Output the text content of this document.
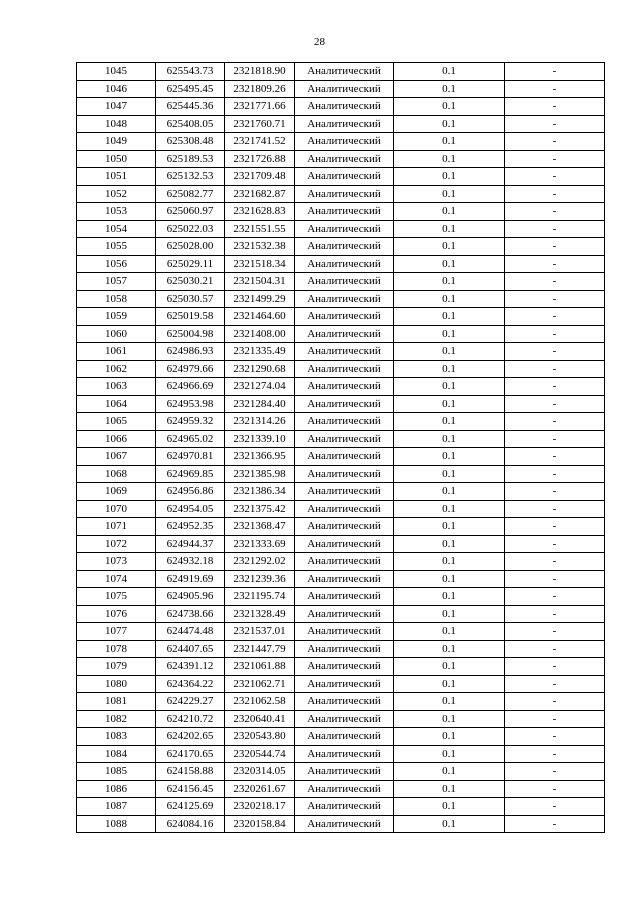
28
1045	625543.73	2321818.90	Аналитический	0.1	-
1046	625495.45	2321809.26	Аналитический	0.1	-
1047	625445.36	2321771.66	Аналитический	0.1	-
1048	625408.05	2321760.71	Аналитический	0.1	-
1049	625308.48	2321741.52	Аналитический	0.1	-
1050	625189.53	2321726.88	Аналитический	0.1	-
1051	625132.53	2321709.48	Аналитический	0.1	-
1052	625082.77	2321682.87	Аналитический	0.1	-
1053	625060.97	2321628.83	Аналитический	0.1	-
1054	625022.03	2321551.55	Аналитический	0.1	-
1055	625028.00	2321532.38	Аналитический	0.1	-
1056	625029.11	2321518.34	Аналитический	0.1	-
1057	625030.21	2321504.31	Аналитический	0.1	-
1058	625030.57	2321499.29	Аналитический	0.1	-
1059	625019.58	2321464.60	Аналитический	0.1	-
1060	625004.98	2321408.00	Аналитический	0.1	-
1061	624986.93	2321335.49	Аналитический	0.1	-
1062	624979.66	2321290.68	Аналитический	0.1	-
1063	624966.69	2321274.04	Аналитический	0.1	-
1064	624953.98	2321284.40	Аналитический	0.1	-
1065	624959.32	2321314.26	Аналитический	0.1	-
1066	624965.02	2321339.10	Аналитический	0.1	-
1067	624970.81	2321366.95	Аналитический	0.1	-
1068	624969.85	2321385.98	Аналитический	0.1	-
1069	624956.86	2321386.34	Аналитический	0.1	-
1070	624954.05	2321375.42	Аналитический	0.1	-
1071	624952.35	2321368.47	Аналитический	0.1	-
1072	624944.37	2321333.69	Аналитический	0.1	-
1073	624932.18	2321292.02	Аналитический	0.1	-
1074	624919.69	2321239.36	Аналитический	0.1	-
1075	624905.96	2321195.74	Аналитический	0.1	-
1076	624738.66	2321328.49	Аналитический	0.1	-
1077	624474.48	2321537.01	Аналитический	0.1	-
1078	624407.65	2321447.79	Аналитический	0.1	-
1079	624391.12	2321061.88	Аналитический	0.1	-
1080	624364.22	2321062.71	Аналитический	0.1	-
1081	624229.27	2321062.58	Аналитический	0.1	-
1082	624210.72	2320640.41	Аналитический	0.1	-
1083	624202.65	2320543.80	Аналитический	0.1	-
1084	624170.65	2320544.74	Аналитический	0.1	-
1085	624158.88	2320314.05	Аналитический	0.1	-
1086	624156.45	2320261.67	Аналитический	0.1	-
1087	624125.69	2320218.17	Аналитический	0.1	-
1088	624084.16	2320158.84	Аналитический	0.1	-
